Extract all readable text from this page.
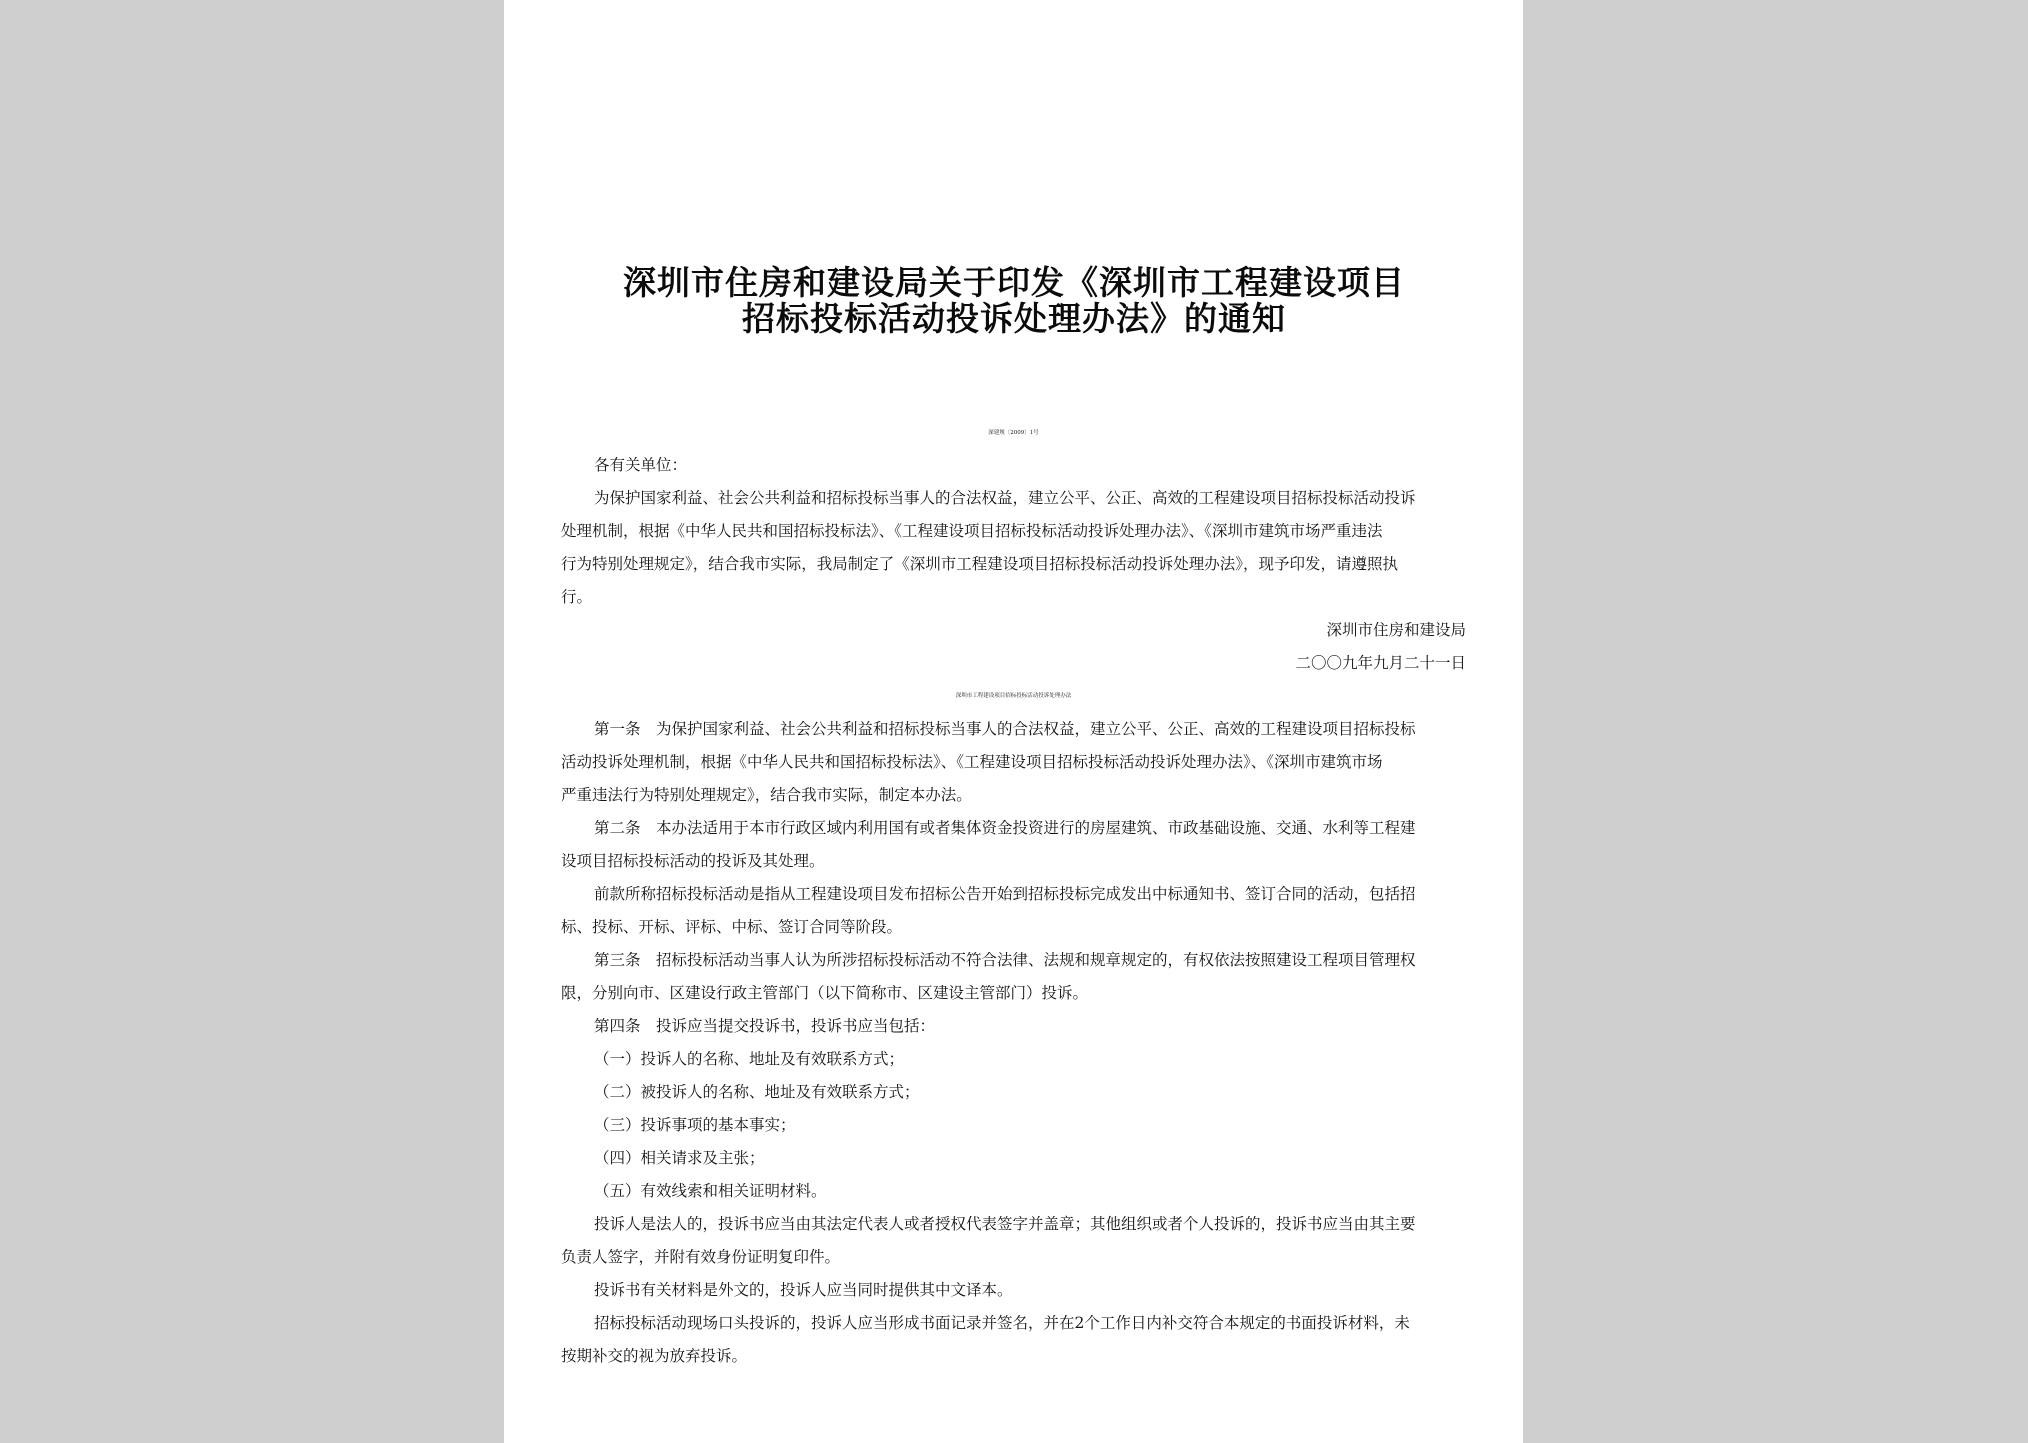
深圳市住房和建设局关于印发《深圳市工程建设项目
招标投标活动投诉处理办法》的通知
深建规〔2009〕1号
各有关单位：
为保护国家利益、社会公共利益和招标投标当事人的合法权益，建立公平、公正、高效的工程建设项目招标投标活动投诉
处理机制，根据《中华人民共和国招标投标法》、《工程建设项目招标投标活动投诉处理办法》、《深圳市建筑市场严重违法
行为特别处理规定》，结合我市实际，我局制定了《深圳市工程建设项目招标投标活动投诉处理办法》，现予印发，请遵照执
行。
深圳市住房和建设局
二〇〇九年九月二十一日
深圳市工程建设项目招标投标活动投诉处理办法
第一条　为保护国家利益、社会公共利益和招标投标当事人的合法权益，建立公平、公正、高效的工程建设项目招标投标
活动投诉处理机制，根据《中华人民共和国招标投标法》、《工程建设项目招标投标活动投诉处理办法》、《深圳市建筑市场
严重违法行为特别处理规定》，结合我市实际，制定本办法。
第二条　本办法适用于本市行政区域内利用国有或者集体资金投资进行的房屋建筑、市政基础设施、交通、水利等工程建
设项目招标投标活动的投诉及其处理。
前款所称招标投标活动是指从工程建设项目发布招标公告开始到招标投标完成发出中标通知书、签订合同的活动，包括招
标、投标、开标、评标、中标、签订合同等阶段。
第三条　招标投标活动当事人认为所涉招标投标活动不符合法律、法规和规章规定的，有权依法按照建设工程项目管理权
限，分别向市、区建设行政主管部门（以下简称市、区建设主管部门）投诉。
第四条　投诉应当提交投诉书，投诉书应当包括：
（一）投诉人的名称、地址及有效联系方式；
（二）被投诉人的名称、地址及有效联系方式；
（三）投诉事项的基本事实；
（四）相关请求及主张；
（五）有效线索和相关证明材料。
投诉人是法人的，投诉书应当由其法定代表人或者授权代表签字并盖章；其他组织或者个人投诉的，投诉书应当由其主要
负责人签字，并附有效身份证明复印件。
投诉书有关材料是外文的，投诉人应当同时提供其中文译本。
招标投标活动现场口头投诉的，投诉人应当形成书面记录并签名，并在2个工作日内补交符合本规定的书面投诉材料，未
按期补交的视为放弃投诉。
